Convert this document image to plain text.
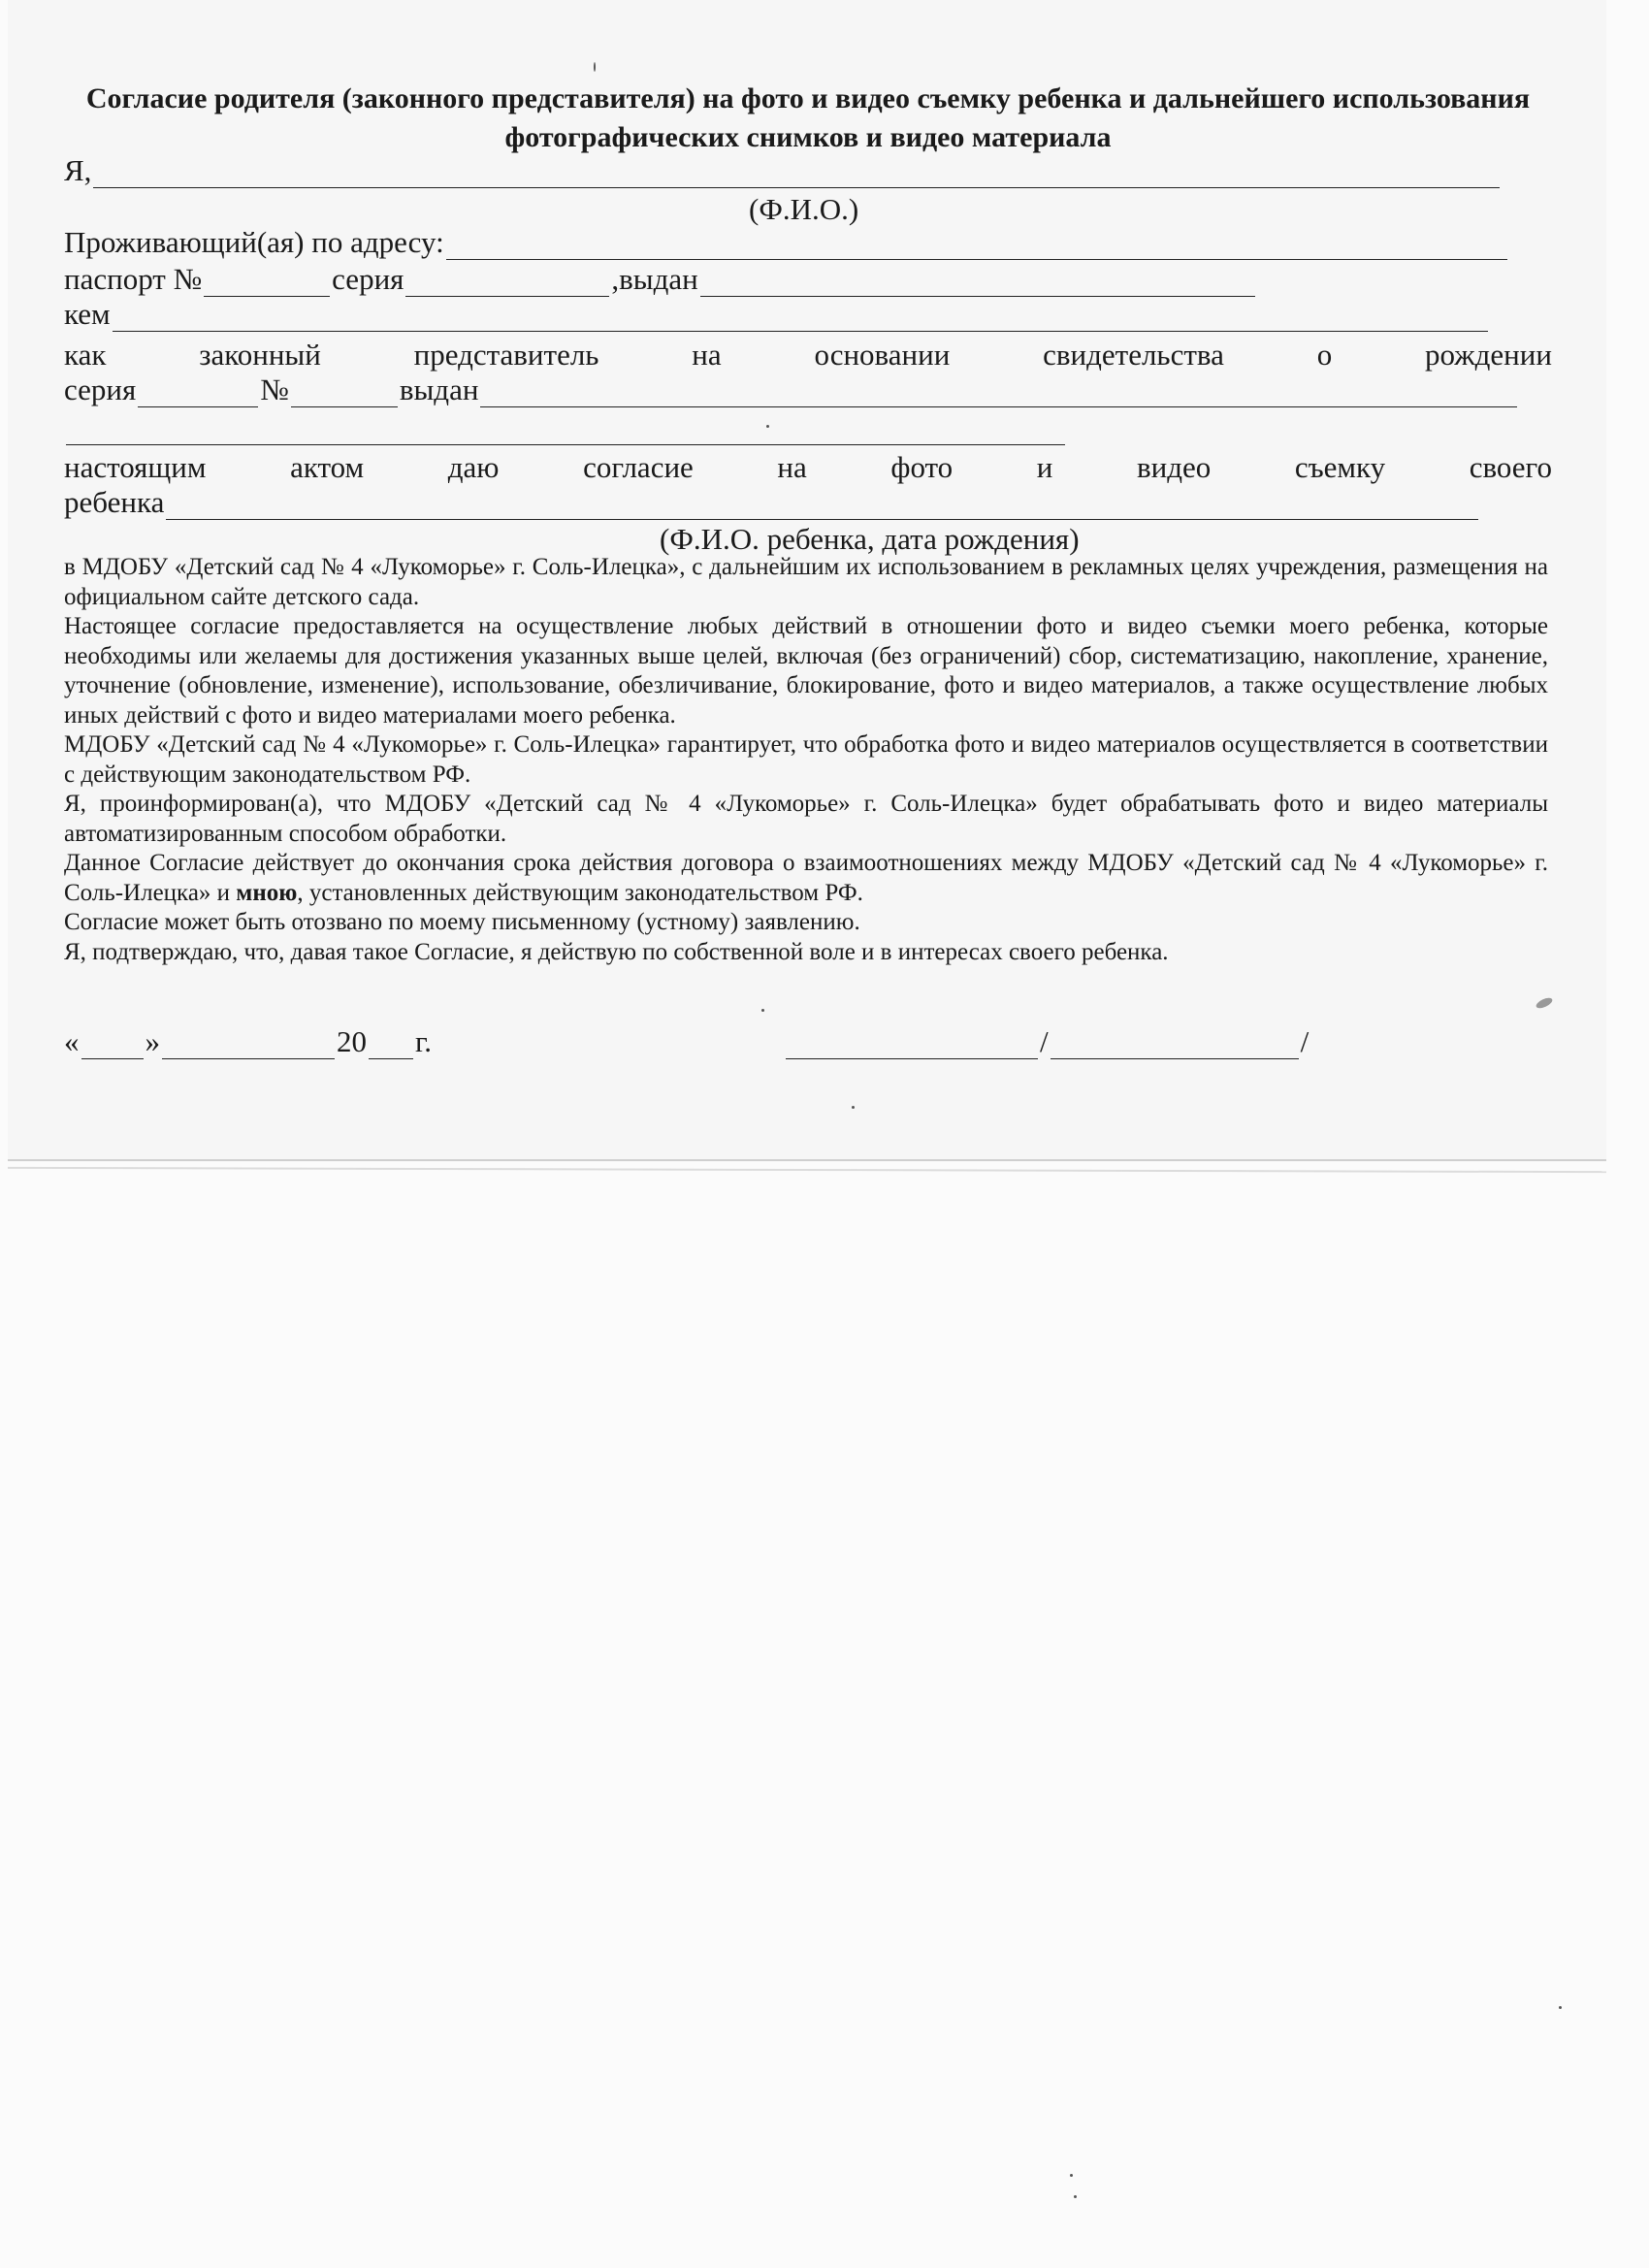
Согласие родителя (законного представителя) на фото и видео съемку ребенка и дальнейшего использования фотографических снимков и видео материала
Я,
(Ф.И.О.)
Проживающий(ая) по адресу:
паспорт №	серия	,выдан
кем
как	законный	представитель	на	основании	свидетельства	о	рождении
серия	№	выдан
настоящим	актом	даю	согласие	на	фото	и	видео	съемку	своего
ребенка
(Ф.И.О. ребенка, дата рождения)

в МДОБУ «Детский сад № 4 «Лукоморье» г. Соль-Илецка», с дальнейшим их использованием в рекламных целях учреждения, размещения на официальном сайте детского сада.

Настоящее согласие предоставляется на осуществление любых действий в отношении фото и видео съемки моего ребенка, которые необходимы или желаемы для достижения указанных выше целей, включая (без ограничений) сбор, систематизацию, накопление, хранение, уточнение (обновление, изменение), использование, обезличивание, блокирование, фото и видео материалов, а также осуществление любых иных действий с фото и видео материалами моего ребенка.

МДОБУ «Детский сад № 4 «Лукоморье» г. Соль-Илецка» гарантирует, что обработка фото и видео материалов осуществляется в соответствии с действующим законодательством РФ.

Я, проинформирован(а), что МДОБУ «Детский сад № 4 «Лукоморье» г. Соль-Илецка» будет обрабатывать фото и видео материалы автоматизированным способом обработки.

Данное Согласие действует до окончания срока действия договора о взаимоотношениях между МДОБУ «Детский сад № 4 «Лукоморье» г. Соль-Илецка» и мною, установленных действующим законодательством РФ.

Согласие может быть отозвано по моему письменному (устному) заявлению.

Я, подтверждаю, что, давая такое Согласие, я действую по собственной воле и в интересах своего ребенка.

« »	20 г.	/	/
